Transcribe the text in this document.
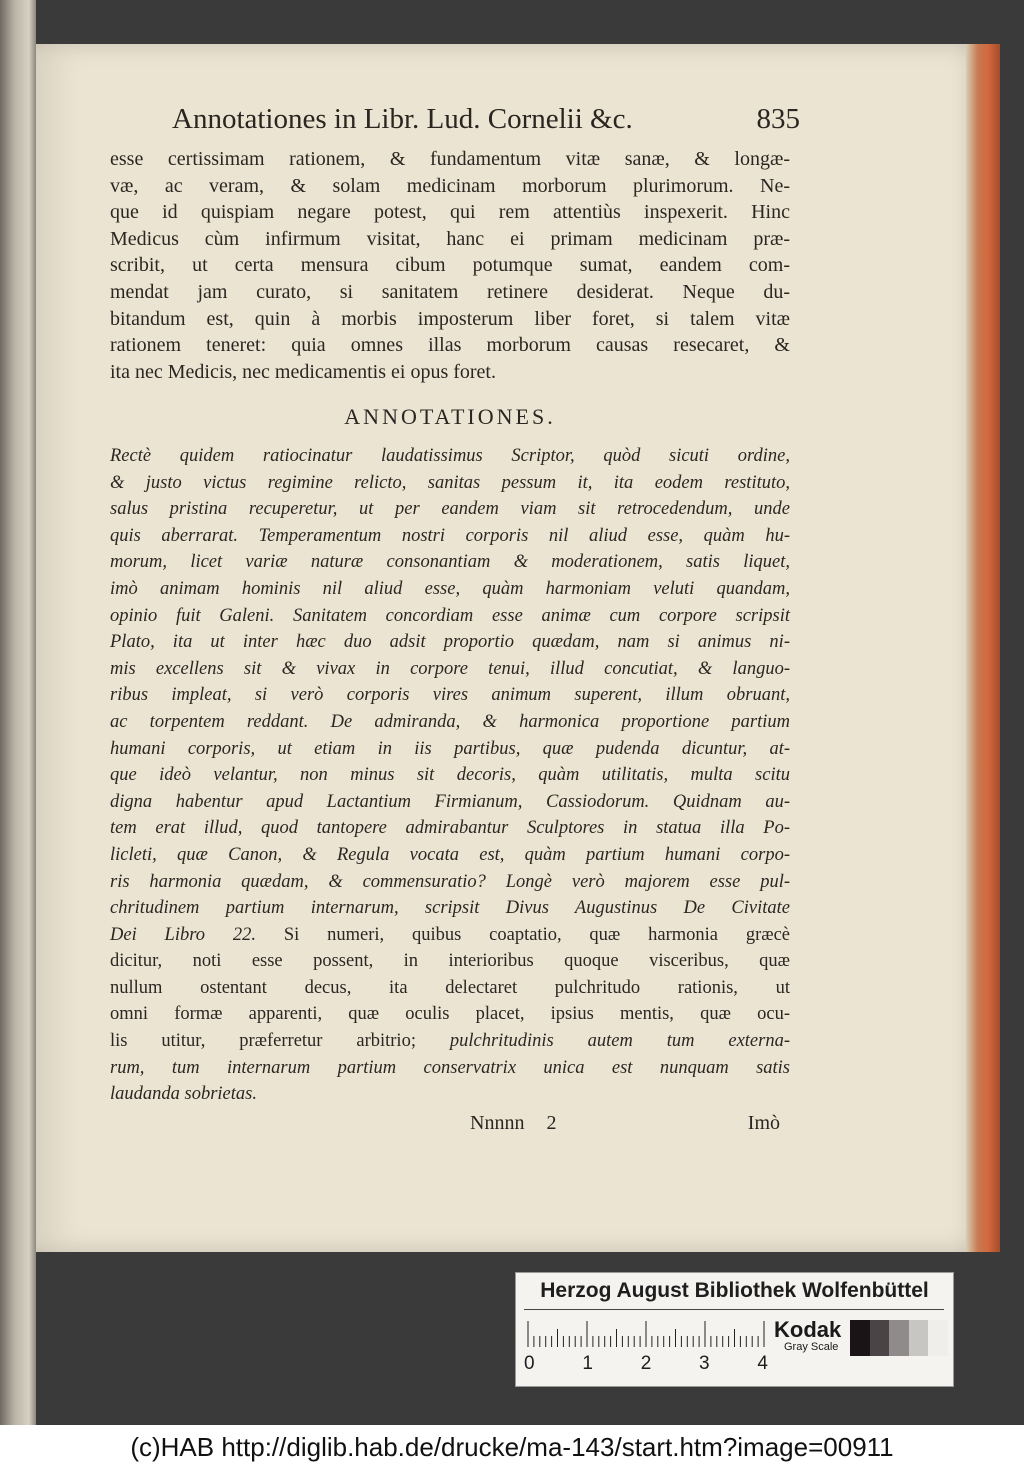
Annotationes in Libr. Lud. Cornelii &c.	835
esse certissimam rationem, & fundamentum vitæ sanæ, & longæ-
væ, ac veram, & solam medicinam morborum plurimorum. Ne-
que id quispiam negare potest, qui rem attentiùs inspexerit. Hinc
Medicus cùm infirmum visitat, hanc ei primam medicinam præ-
scribit, ut certa mensura cibum potumque sumat, eandem com-
mendat jam curato, si sanitatem retinere desiderat. Neque du-
bitandum est, quin à morbis imposterum liber foret, si talem vitæ
rationem teneret: quia omnes illas morborum causas resecaret, &
ita nec Medicis, nec medicamentis ei opus foret.
ANNOTATIONES.
Rectè quidem ratiocinatur laudatissimus Scriptor, quòd sicuti ordine,
& justo victus regimine relicto, sanitas pessum it, ita eodem restituto,
salus pristina recuperetur, ut per eandem viam sit retrocedendum, unde
quis aberrarat. Temperamentum nostri corporis nil aliud esse, quàm hu-
morum, licet variæ naturæ consonantiam & moderationem, satis liquet,
imò animam hominis nil aliud esse, quàm harmoniam veluti quandam,
opinio fuit Galeni. Sanitatem concordiam esse animæ cum corpore scripsit
Plato, ita ut inter hæc duo adsit proportio quædam, nam si animus ni-
mis excellens sit & vivax in corpore tenui, illud concutiat, & languo-
ribus impleat, si verò corporis vires animum superent, illum obruant,
ac torpentem reddant. De admiranda, & harmonica proportione partium
humani corporis, ut etiam in iis partibus, quæ pudenda dicuntur, at-
que ideò velantur, non minus sit decoris, quàm utilitatis, multa scitu
digna habentur apud Lactantium Firmianum, Cassiodorum. Quidnam au-
tem erat illud, quod tantopere admirabantur Sculptores in statua illa Po-
licleti, quæ Canon, & Regula vocata est, quàm partium humani corpo-
ris harmonia quædam, & commensuratio? Longè verò majorem esse pul-
chritudinem partium internarum, scripsit Divus Augustinus De Civitate
Dei Libro 22. Si numeri, quibus coaptatio, quæ harmonia græcè
dicitur, noti esse possent, in interioribus quoque visceribus, quæ
nullum ostentant decus, ita delectaret pulchritudo rationis, ut
omni formæ apparenti, quæ oculis placet, ipsius mentis, quæ ocu-
lis utitur, præferretur arbitrio; pulchritudinis autem tum externa-
rum, tum internarum partium conservatrix unica est nunquam satis
laudanda sobrietas.
Nnnnn 2	Imò
Herzog August Bibliothek Wolfenbüttel
0	1	2	3	4
Kodak
Gray Scale
(c)HAB http://diglib.hab.de/drucke/ma-143/start.htm?image=00911
